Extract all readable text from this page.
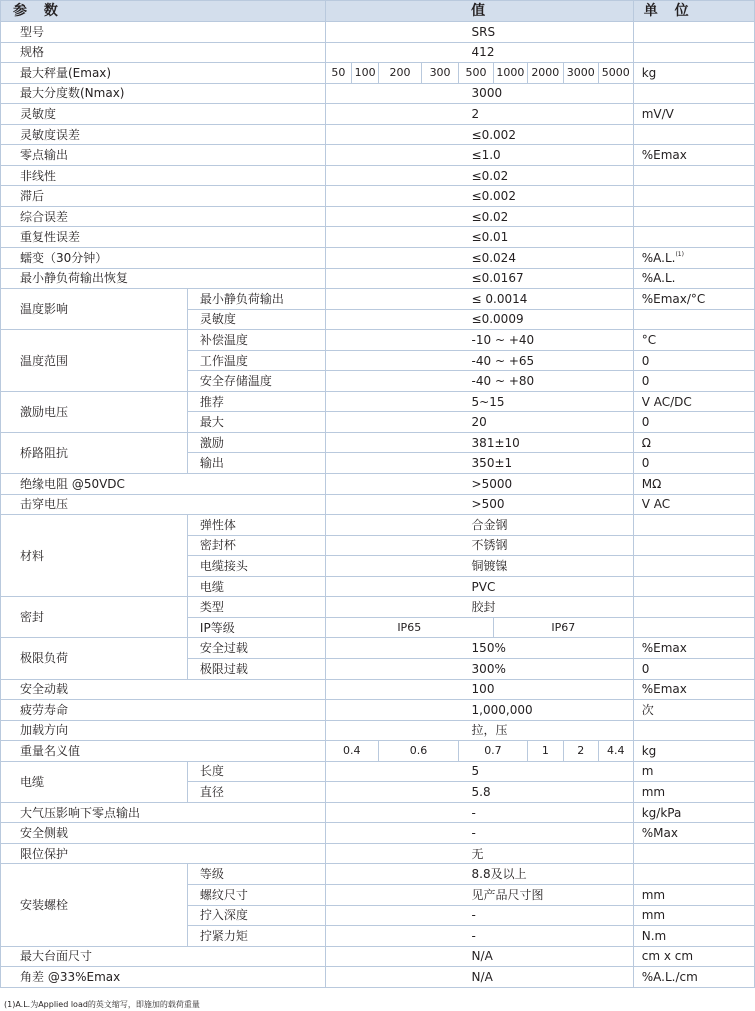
参 数		值									单 位
型号		SRS									
规格		412									
最大秤量(Emax)		50	100	200	300	500	1000	2000	3000	5000	kg
最大分度数(Nmax)		3000									
灵敏度		2									mV/V
灵敏度误差		≤0.002									
零点输出		≤1.0									%Emax
非线性		≤0.02									
滞后		≤0.002									
综合误差		≤0.02									
重复性误差		≤0.01									
蠕变（30分钟）		≤0.024									%A.L.$^{(1)}$
最小静负荷输出恢复		≤0.0167									%A.L.
温度影响	最小静负荷输出	≤ 0.0014									%Emax/°C
	灵敏度	≤0.0009									
温度范围	补偿温度	-10 ~ +40									°C
	工作温度	-40 ~ +65									0
	安全存储温度	-40 ~ +80									0
激励电压	推荐	5~15									V AC/DC
	最大	20									0
桥路阻抗	激励	381±10									Ω
	输出	350±1									0
绝缘电阻 @50VDC		>5000									MΩ
击穿电压		>500									V AC
材料	弹性体	合金钢									
	密封杯	不锈钢									
	电缆接头	铜镀镍									
	电缆	PVC									
密封	类型	胶封									
	IP等级	IP65					IP67				
极限负荷	安全过载	150%									%Emax
	极限过载	300%									0
安全动载		100									%Emax
疲劳寿命		1,000,000									次
加载方向		拉，压									
重量名义值		0.4		0.6		0.7		1	2	4.4	kg
电缆	长度	5									m
	直径	5.8									mm
大气压影响下零点输出		-									kg/kPa
安全侧载		-									%Max
限位保护		无									
安装螺栓	等级	8.8及以上									
	螺纹尺寸	见产品尺寸图									mm
	拧入深度	-									mm
	拧紧力矩	-									N.m
最大台面尺寸		N/A									cm x cm
角差 @33%Emax		N/A									%A.L./cm
(1)A.L.为Applied load的英文缩写，即施加的载荷重量
